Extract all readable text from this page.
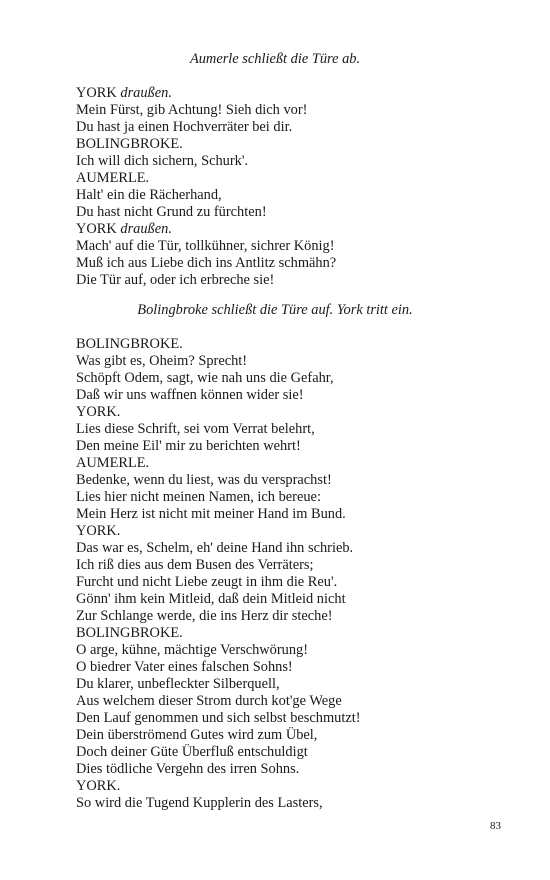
Aumerle schließt die Türe ab.
YORK draußen.
Mein Fürst, gib Achtung! Sieh dich vor!
Du hast ja einen Hochverräter bei dir.
BOLINGBROKE.
Ich will dich sichern, Schurk'.
AUMERLE.
Halt' ein die Rächerhand,
Du hast nicht Grund zu fürchten!
YORK draußen.
Mach' auf die Tür, tollkühner, sichrer König!
Muß ich aus Liebe dich ins Antlitz schmähn?
Die Tür auf, oder ich erbreche sie!
Bolingbroke schließt die Türe auf. York tritt ein.
BOLINGBROKE.
Was gibt es, Oheim? Sprecht!
Schöpft Odem, sagt, wie nah uns die Gefahr,
Daß wir uns waffnen können wider sie!
YORK.
Lies diese Schrift, sei vom Verrat belehrt,
Den meine Eil' mir zu berichten wehrt!
AUMERLE.
Bedenke, wenn du liest, was du versprachst!
Lies hier nicht meinen Namen, ich bereue:
Mein Herz ist nicht mit meiner Hand im Bund.
YORK.
Das war es, Schelm, eh' deine Hand ihn schrieb.
Ich riß dies aus dem Busen des Verräters;
Furcht und nicht Liebe zeugt in ihm die Reu'.
Gönn' ihm kein Mitleid, daß dein Mitleid nicht
Zur Schlange werde, die ins Herz dir steche!
BOLINGBROKE.
O arge, kühne, mächtige Verschwörung!
O biedrer Vater eines falschen Sohns!
Du klarer, unbefleckter Silberquell,
Aus welchem dieser Strom durch kot'ge Wege
Den Lauf genommen und sich selbst beschmutzt!
Dein überströmend Gutes wird zum Übel,
Doch deiner Güte Überfluß entschuldigt
Dies tödliche Vergehn des irren Sohns.
YORK.
So wird die Tugend Kupplerin des Lasters,
83
